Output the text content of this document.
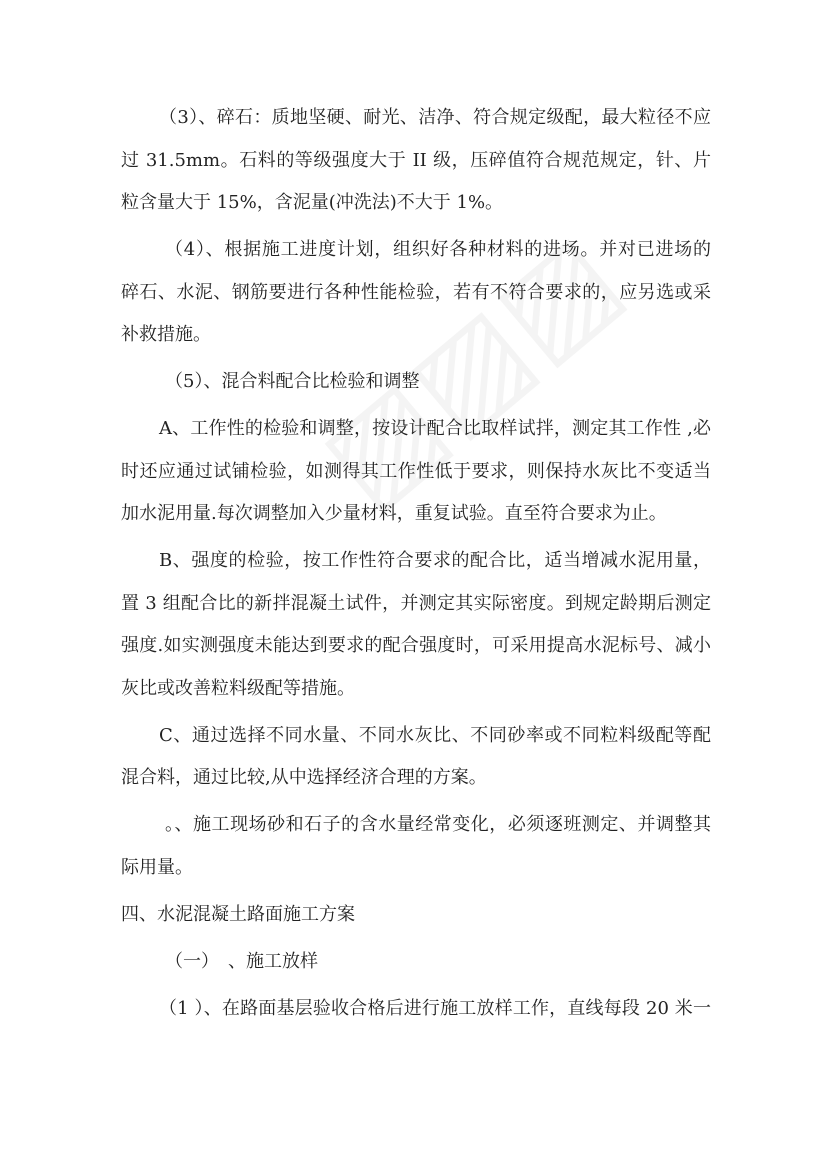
（3）、碎石：质地坚硬、耐光、洁净、符合规定级配，最大粒径不应
过 31.5mm。石料的等级强度大于 II 级，压碎值符合规范规定，针、片
粒含量大于 15%，含泥量(冲洗法)不大于 1%。
（4）、根据施工进度计划，组织好各种材料的进场。并对已进场的
碎石、水泥、钢筋要进行各种性能检验，若有不符合要求的，应另选或采
补救措施。
（5）、混合料配合比检验和调整
A、工作性的检验和调整，按设计配合比取样试拌，测定其工作性 ,必
时还应通过试铺检验，如测得其工作性低于要求，则保持水灰比不变适当
加水泥用量.每次调整加入少量材料，重复试验。直至符合要求为止。
B、强度的检验，按工作性符合要求的配合比，适当增减水泥用量，
置 3 组配合比的新拌混凝土试件，并测定其实际密度。到规定龄期后测定
强度.如实测强度未能达到要求的配合强度时，可采用提高水泥标号、减小
灰比或改善粒料级配等措施。
C、通过选择不同水量、不同水灰比、不同砂率或不同粒料级配等配
混合料，通过比较,从中选择经济合理的方案。
。、施工现场砂和石子的含水量经常变化，必须逐班测定、并调整其
际用量。
四、水泥混凝土路面施工方案
（一）　、施工放样
（1 ）、在路面基层验收合格后进行施工放样工作，直线每段 20 米一
